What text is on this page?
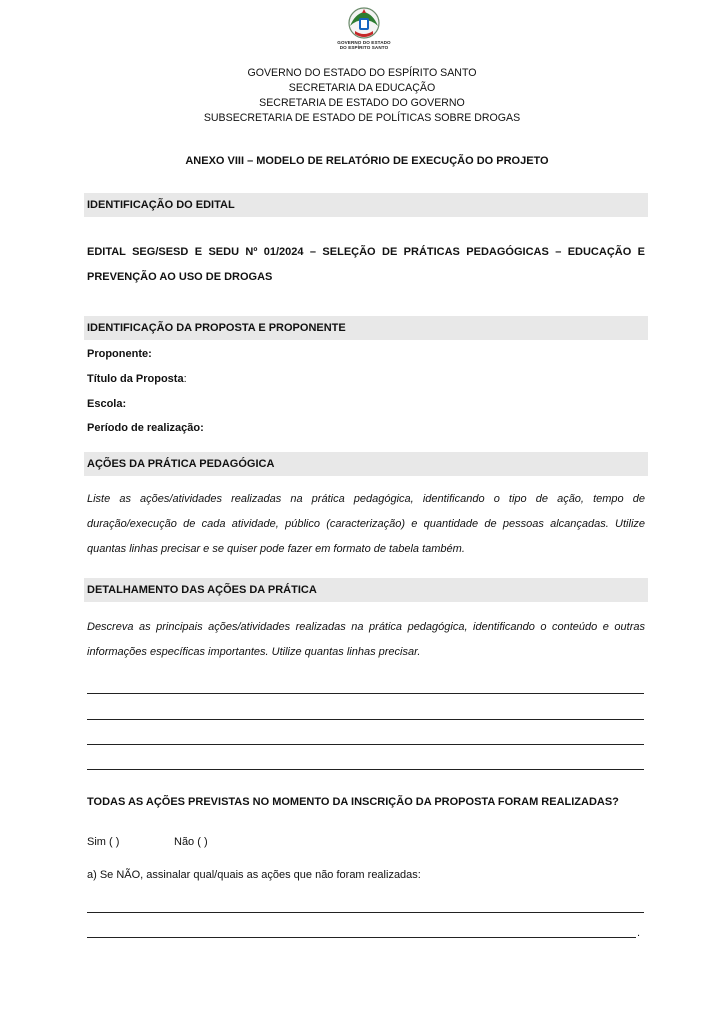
GOVERNO DO ESTADO
DO ESPÍRITO SANTO
GOVERNO DO ESTADO DO ESPÍRITO SANTO
SECRETARIA DA EDUCAÇÃO
SECRETARIA DE ESTADO DO GOVERNO
SUBSECRETARIA DE ESTADO DE POLÍTICAS SOBRE DROGAS
ANEXO VIII – MODELO DE RELATÓRIO DE EXECUÇÃO DO PROJETO
IDENTIFICAÇÃO DO EDITAL
EDITAL SEG/SESD E SEDU Nº 01/2024 – SELEÇÃO DE PRÁTICAS PEDAGÓGICAS – EDUCAÇÃO E PREVENÇÃO AO USO DE DROGAS
IDENTIFICAÇÃO DA PROPOSTA E PROPONENTE
Proponente:
Título da Proposta:
Escola:
Período de realização:
AÇÕES DA PRÁTICA PEDAGÓGICA
Liste as ações/atividades realizadas na prática pedagógica, identificando o tipo de ação, tempo de duração/execução de cada atividade, público (caracterização) e quantidade de pessoas alcançadas. Utilize quantas linhas precisar e se quiser pode fazer em formato de tabela também.
DETALHAMENTO DAS AÇÕES DA PRÁTICA
Descreva as principais ações/atividades realizadas na prática pedagógica, identificando o conteúdo e outras informações específicas importantes. Utilize quantas linhas precisar.
TODAS AS AÇÕES PREVISTAS NO MOMENTO DA INSCRIÇÃO DA PROPOSTA FORAM REALIZADAS?
Sim ( )	Não ( )
a) Se NÃO, assinalar qual/quais as ações que não foram realizadas:
.
